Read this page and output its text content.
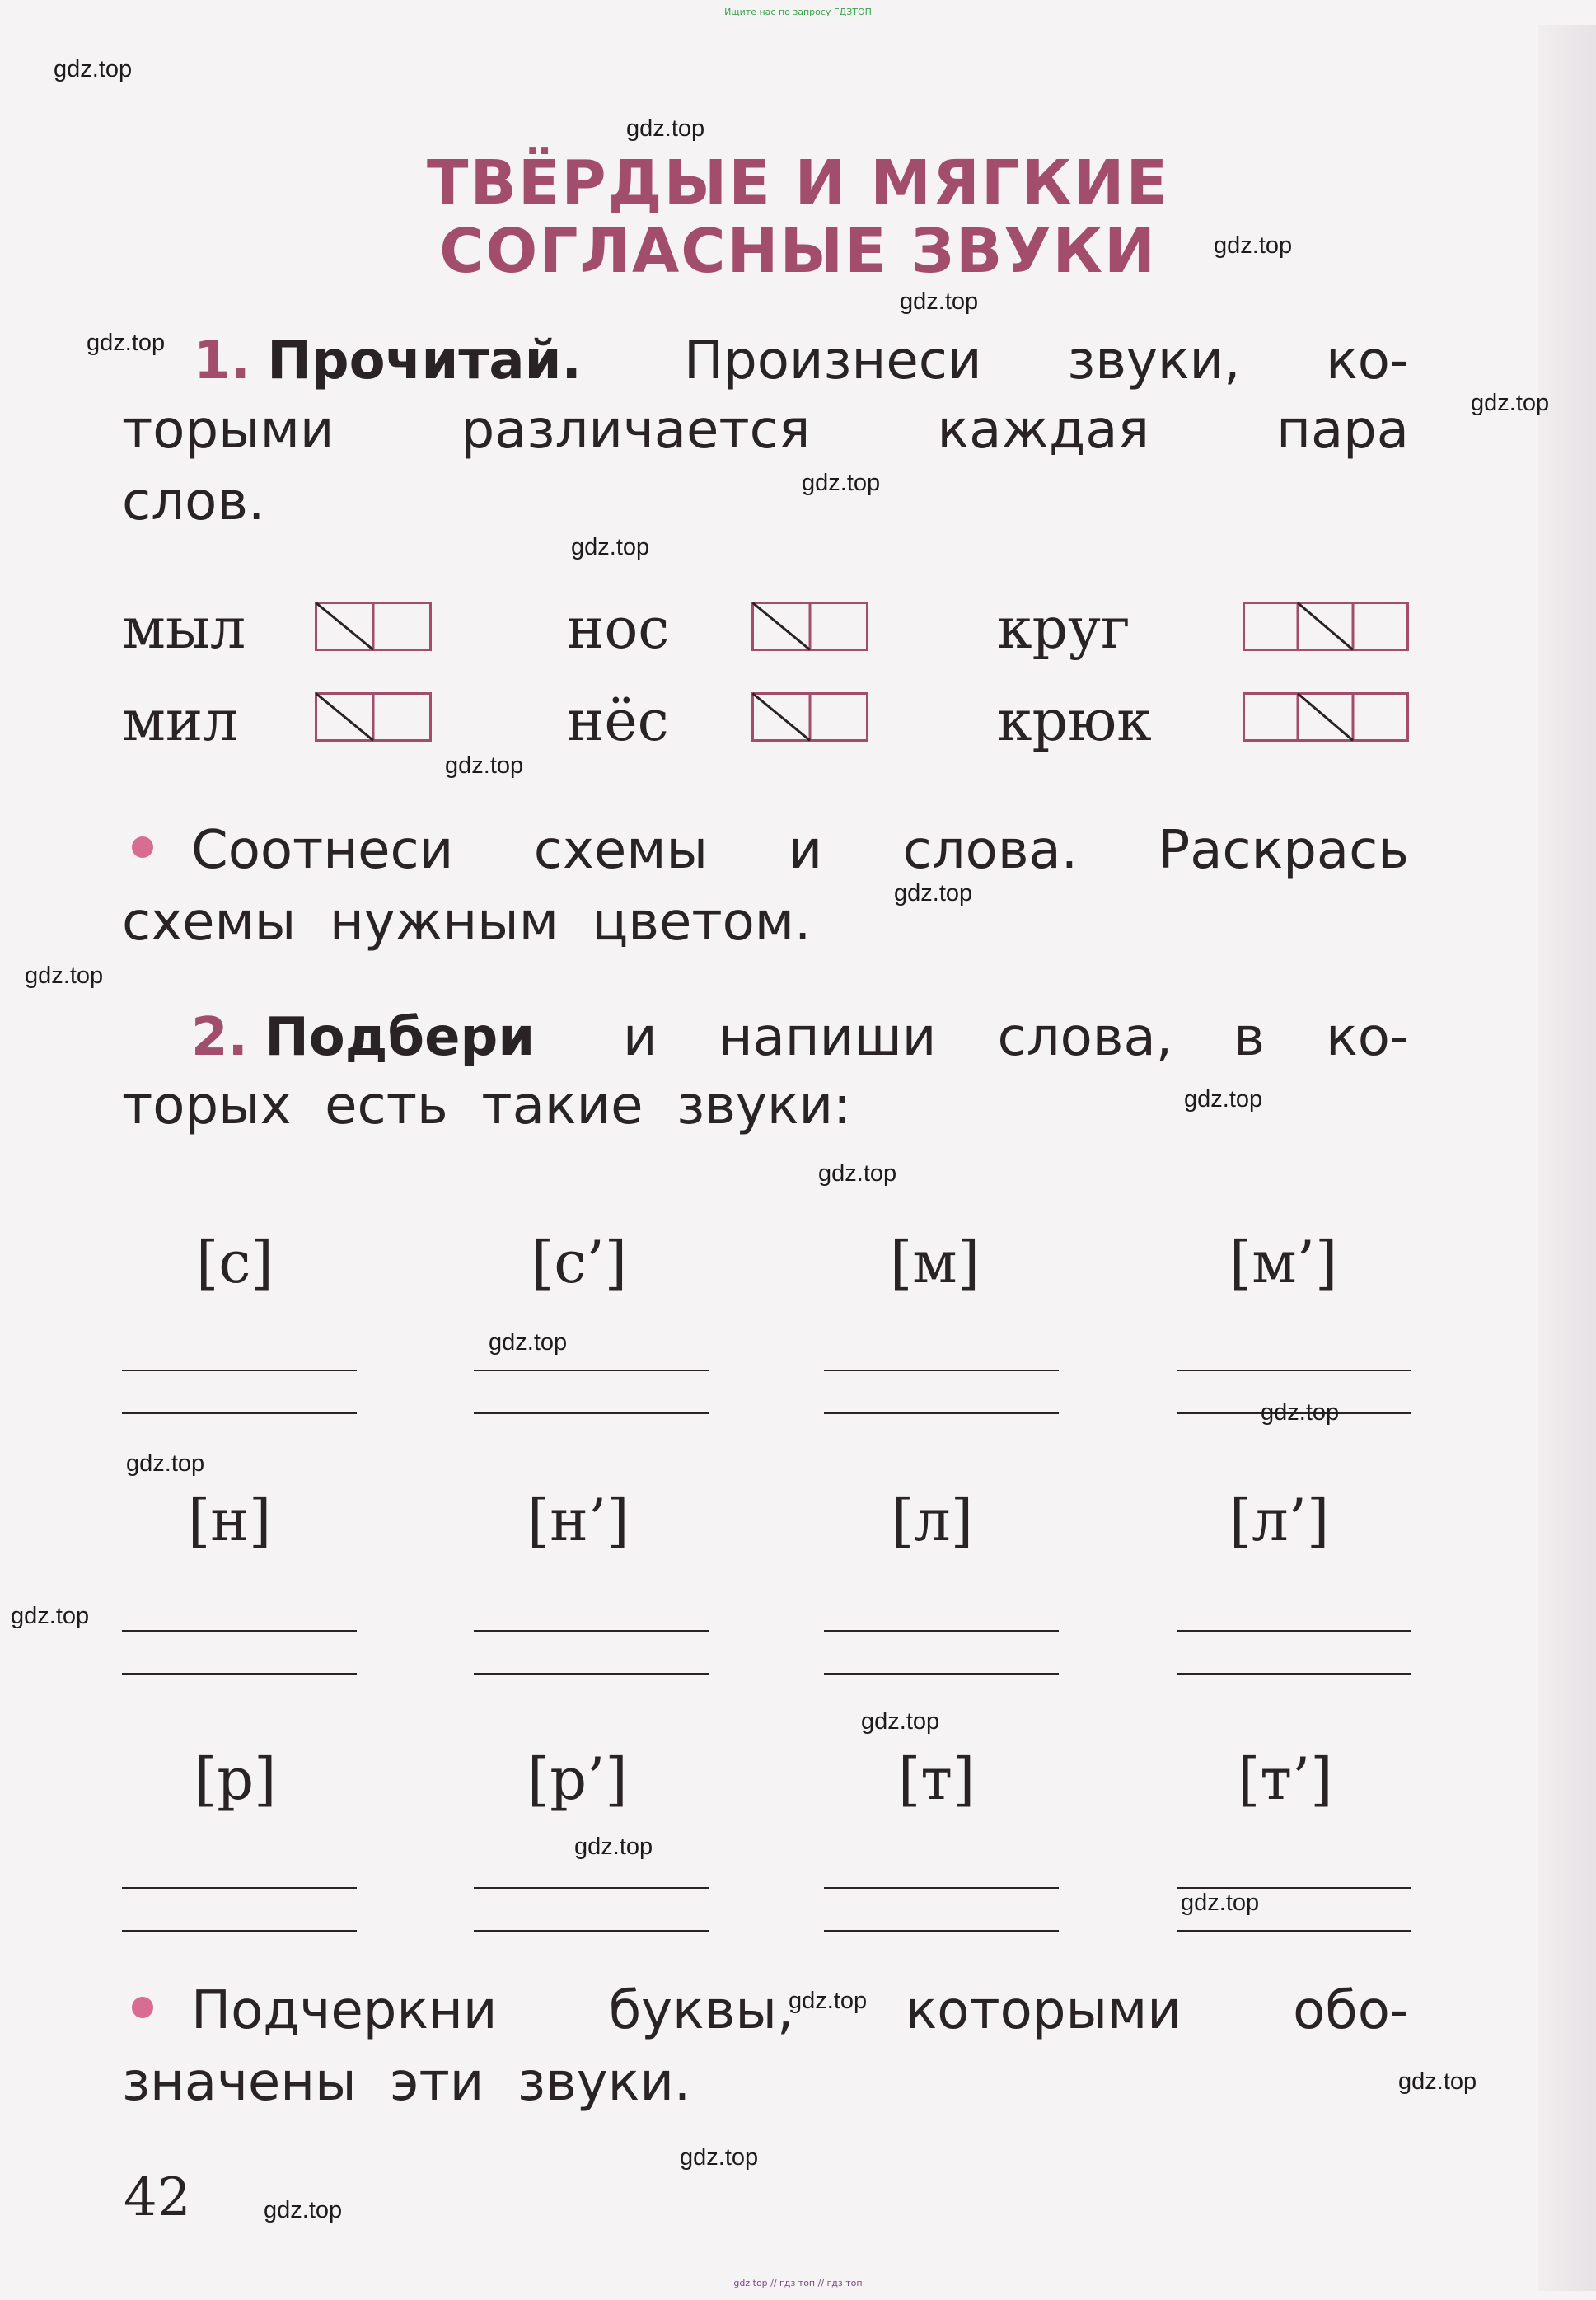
Ищите нас по запросу ГДЗТОП
ТВЁРДЫЕ И МЯГКИЕ
СОГЛАСНЫЕ ЗВУКИ
1. Прочитай. Произнеси звуки, ко-
торыми различается каждая пара
слов.
мыл	нос	круг
мил	нёс	крюк
Соотнеси схемы и слова. Раскрась
схемы  нужным  цветом.
2. Подбери и напиши слова, в ко-
торых  есть  такие  звуки:
[с]	[с’]	[м]	[м’]
[н]	[н’]	[л]	[л’]
[р]	[р’]	[т]	[т’]
Подчеркни буквы, которыми обо-
значены  эти  звуки.
42
gdz.top
gdz.top
gdz.top
gdz.top
gdz.top
gdz.top
gdz.top
gdz.top
gdz.top
gdz.top
gdz.top
gdz.top
gdz.top
gdz.top
gdz.top
gdz.top
gdz.top
gdz.top
gdz.top
gdz.top
gdz.top
gdz.top
gdz.top
gdz.top
gdz top // гдз топ // гдз топ
